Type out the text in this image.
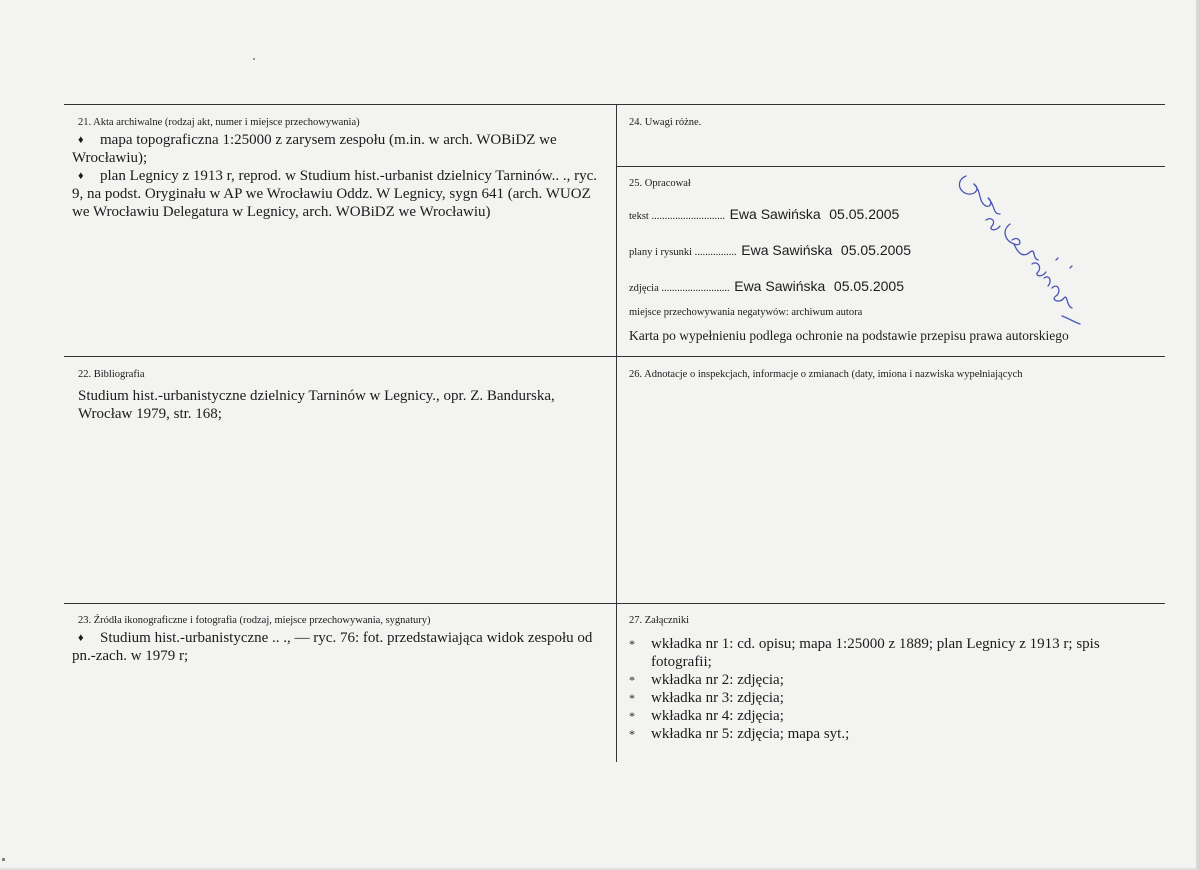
21. Akta archiwalne (rodzaj akt, numer i miejsce przechowywania)
♦ mapa topograficzna 1:25000 z zarysem zespołu (m.in. w arch. WOBiDZ we Wrocławiu);
♦ plan Legnicy z 1913 r, reprod. w Studium hist.-urbanist dzielnicy Tarninów.. ., ryc. 9, na podst. Oryginału w AP we Wrocławiu Oddz. W Legnicy, sygn 641 (arch. WUOZ we Wrocławiu Delegatura w Legnicy, arch. WOBiDZ we Wrocławiu)
24. Uwagi różne.
25. Opracował
tekst ............................ Ewa Sawińska 05.05.2005
plany i rysunki ................ Ewa Sawińska 05.05.2005
zdjęcia .......................... Ewa Sawińska 05.05.2005
miejsce przechowywania negatywów: archiwum autora
Karta po wypełnieniu podlega ochronie na podstawie przepisu prawa autorskiego
22. Bibliografia
Studium hist.-urbanistyczne dzielnicy Tarninów w Legnicy., opr. Z. Bandurska, Wrocław 1979, str. 168;
26. Adnotacje o inspekcjach, informacje o zmianach (daty, imiona i nazwiska wypełniających
23. Źródła ikonograficzne i fotografia (rodzaj, miejsce przechowywania, sygnatury)
♦ Studium hist.-urbanistyczne .. ., — ryc. 76: fot. przedstawiająca widok zespołu od pn.-zach. w 1979 r;
27. Załączniki
*	wkładka nr 1: cd. opisu; mapa 1:25000 z 1889; plan Legnicy z 1913 r; spis fotografii;
*	wkładka nr 2: zdjęcia;
*	wkładka nr 3: zdjęcia;
*	wkładka nr 4: zdjęcia;
*	wkładka nr 5: zdjęcia; mapa syt.;
